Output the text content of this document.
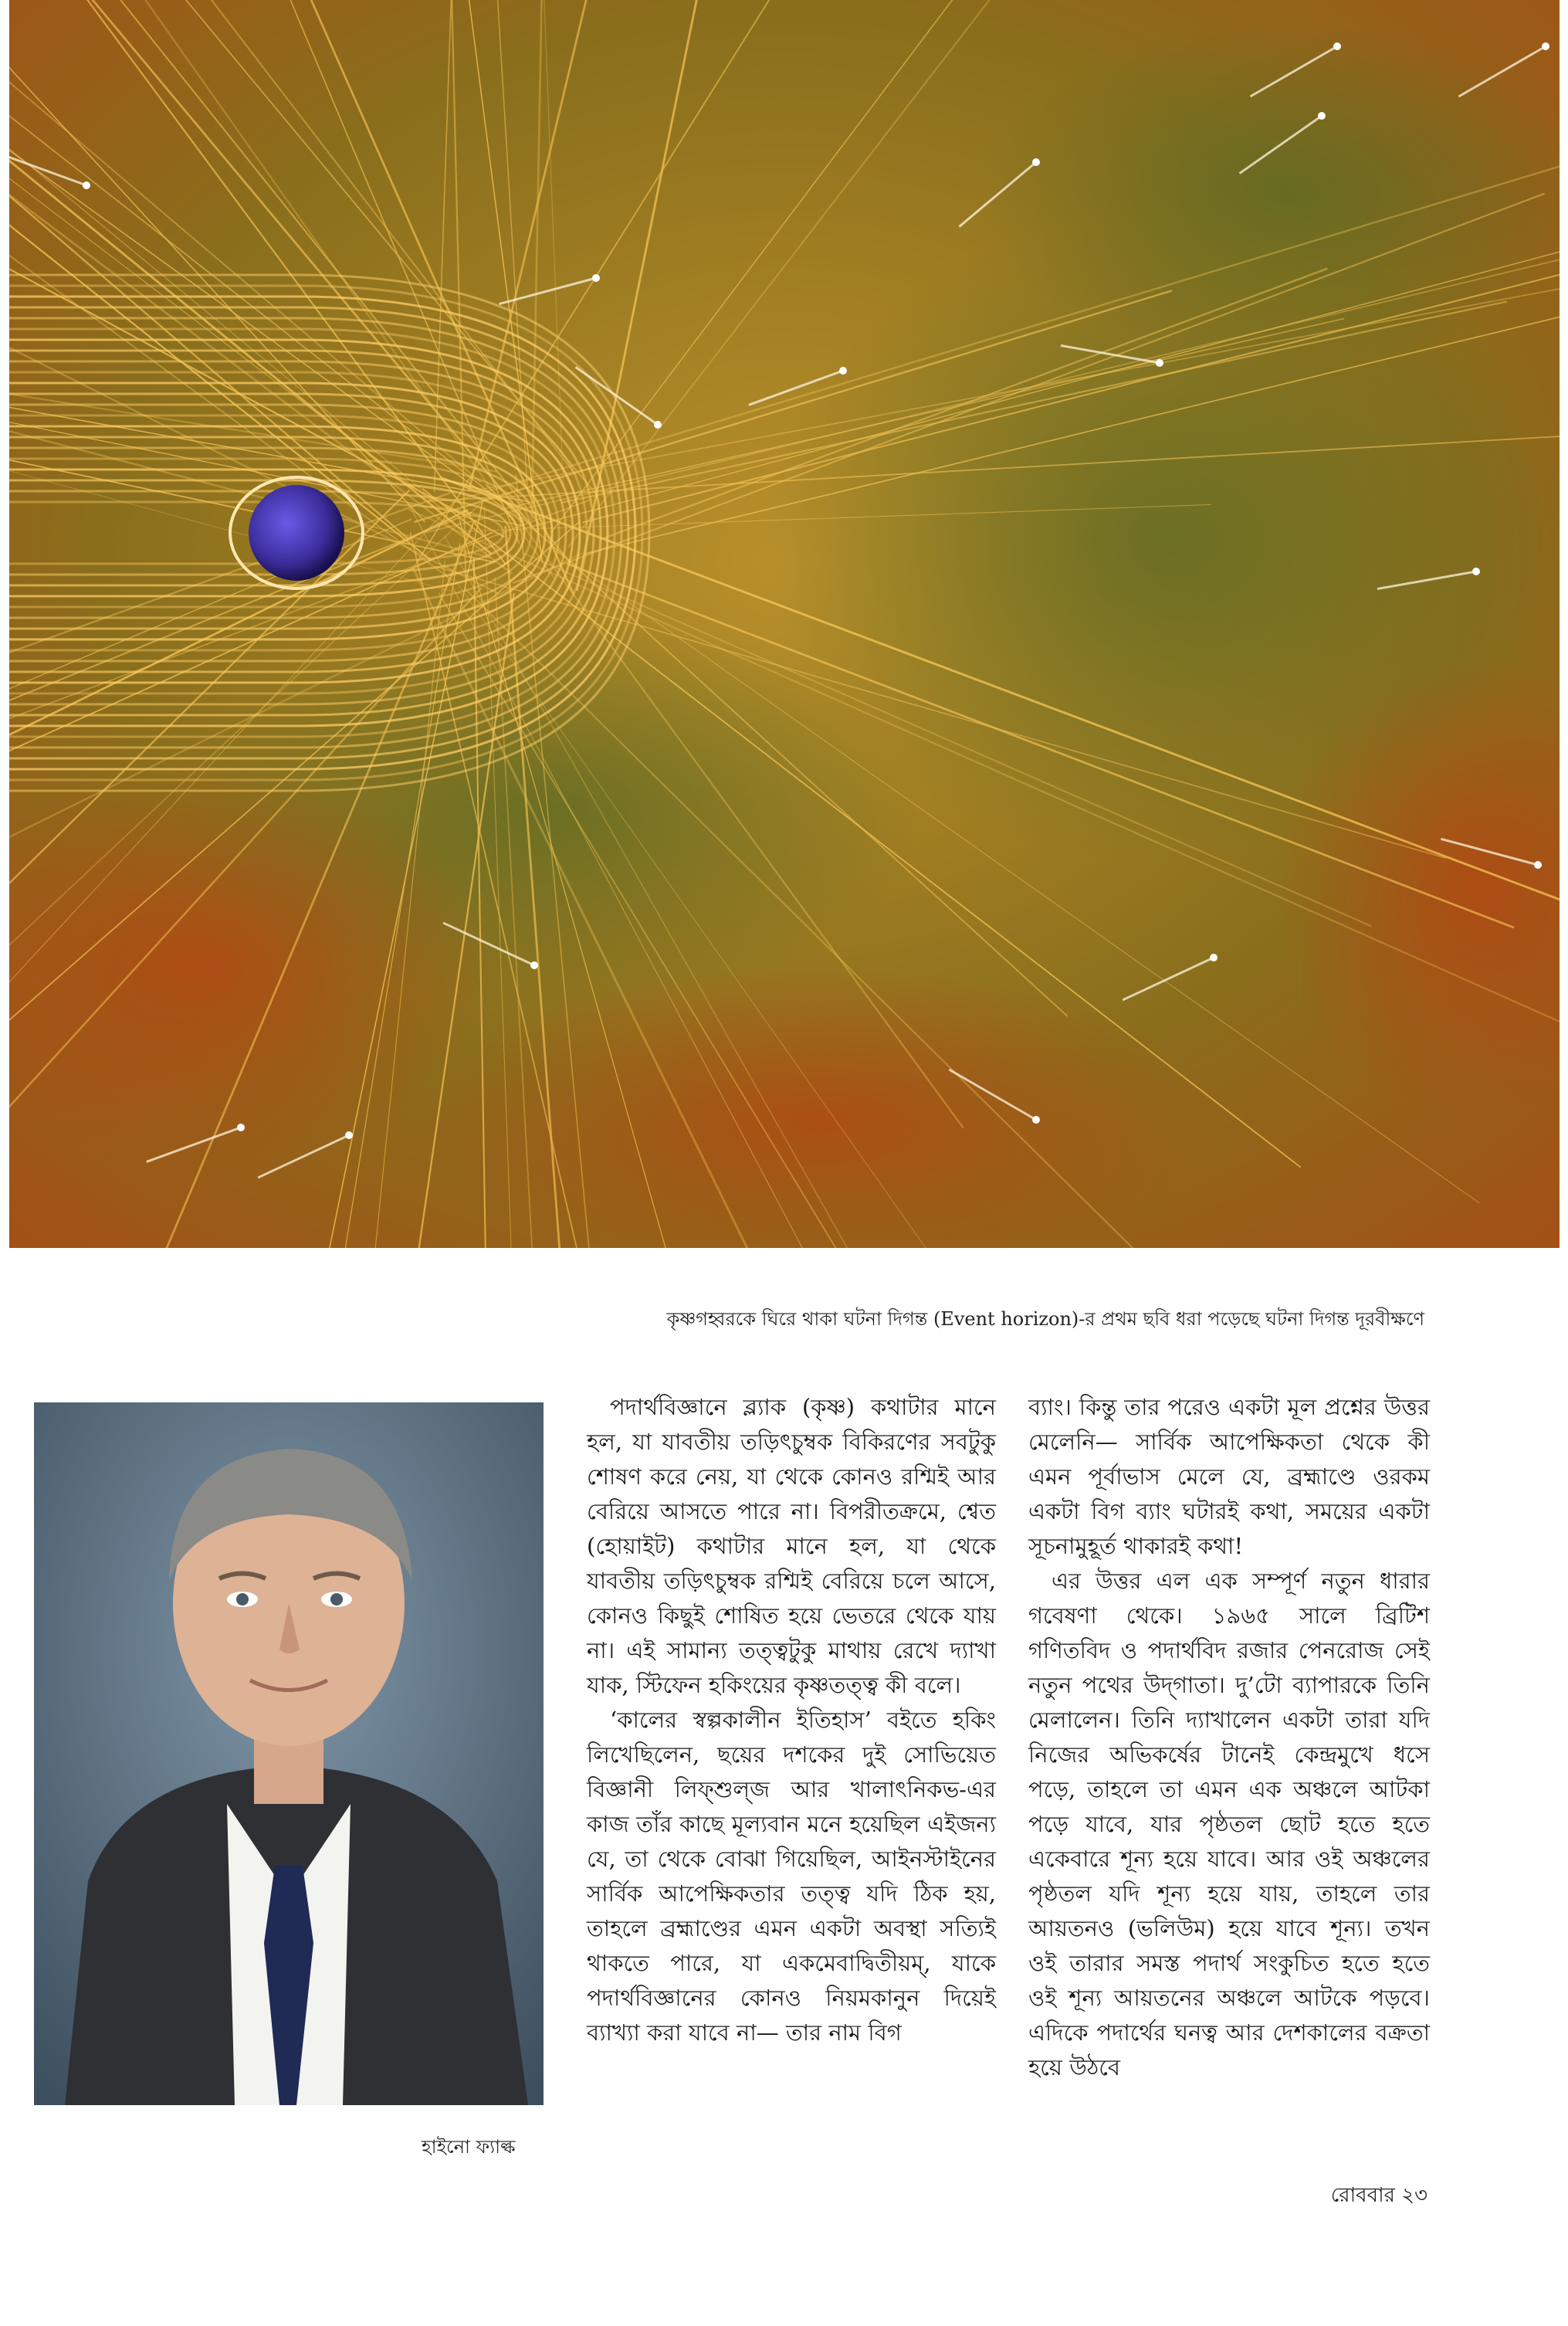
কৃষ্ণগহ্বরকে ঘিরে থাকা ঘটনা দিগন্ত (Event horizon)-র প্রথম ছবি ধরা পড়েছে ঘটনা দিগন্ত দূরবীক্ষণে
হাইনো ফ্যাল্ক

পদার্থবিজ্ঞানে ব্ল্যাক (কৃষ্ণ) কথাটার মানে হল, যা যাবতীয় তড়িৎচুম্বক বিকিরণের সবটুকু শোষণ করে নেয়, যা থেকে কোনও রশ্মিই আর বেরিয়ে আসতে পারে না। বিপরীতক্রমে, শ্বেত (হোয়াইট) কথাটার মানে হল, যা থেকে যাবতীয় তড়িৎচুম্বক রশ্মিই বেরিয়ে চলে আসে, কোনও কিছুই শোষিত হয়ে ভেতরে থেকে যায় না। এই সামান্য তত্ত্বটুকু মাথায় রেখে দ্যাখা যাক, স্টিফেন হকিংয়ের কৃষ্ণতত্ত্ব কী বলে।

‘কালের স্বল্পকালীন ইতিহাস’ বইতে হকিং লিখেছিলেন, ছয়ের দশকের দুই সোভিয়েত বিজ্ঞানী লিফ্‌শুল্‌জ আর খালাৎনিকভ-এর কাজ তাঁর কাছে মূল্যবান মনে হয়েছিল এইজন্য যে, তা থেকে বোঝা গিয়েছিল, আইনস্টাইনের সার্বিক আপেক্ষিকতার তত্ত্ব যদি ঠিক হয়, তাহলে ব্রহ্মাণ্ডের এমন একটা অবস্থা সত্যিই থাকতে পারে, যা একমেবাদ্বিতীয়ম্‌, যাকে পদার্থবিজ্ঞানের কোনও নিয়মকানুন দিয়েই ব্যাখ্যা করা যাবে না— তার নাম বিগ

ব্যাং। কিন্তু তার পরেও একটা মূল প্রশ্নের উত্তর মেলেনি— সার্বিক আপেক্ষিকতা থেকে কী এমন পূর্বাভাস মেলে যে, ব্রহ্মাণ্ডে ওরকম একটা বিগ ব্যাং ঘটারই কথা, সময়ের একটা সূচনামুহূর্ত থাকারই কথা!

এর উত্তর এল এক সম্পূর্ণ নতুন ধারার গবেষণা থেকে। ১৯৬৫ সালে ব্রিটিশ গণিতবিদ ও পদার্থবিদ রজার পেনরোজ সেই নতুন পথের উদ্‌গাতা। দু’টো ব্যাপারকে তিনি মেলালেন। তিনি দ্যাখালেন একটা তারা যদি নিজের অভিকর্ষের টানেই কেন্দ্রমুখে ধসে পড়ে, তাহলে তা এমন এক অঞ্চলে আটকা পড়ে যাবে, যার পৃষ্ঠতল ছোট হতে হতে একেবারে শূন্য হয়ে যাবে। আর ওই অঞ্চলের পৃষ্ঠতল যদি শূন্য হয়ে যায়, তাহলে তার আয়তনও (ভলিউম) হয়ে যাবে শূন্য। তখন ওই তারার সমস্ত পদার্থ সংকুচিত হতে হতে ওই শূন্য আয়তনের অঞ্চলে আটকে পড়বে। এদিকে পদার্থের ঘনত্ব আর দেশকালের বক্রতা হয়ে উঠবে

রোববার ২৩
